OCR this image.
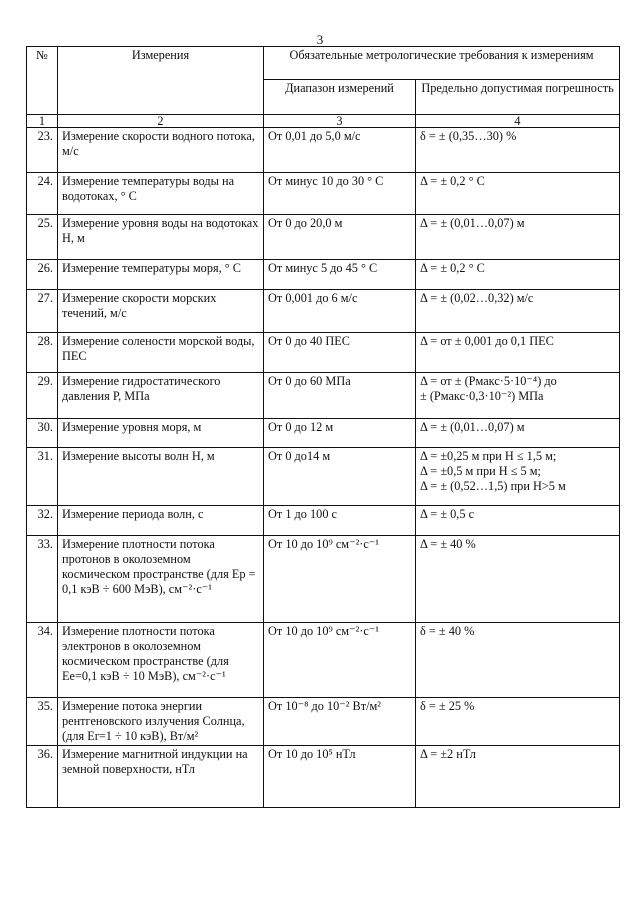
3
№	Измерения	Обязательные метрологические требования к измерениям	
		Диапазон измерений	Предельно допустимая погрешность
1	2	3	4
23.	Измерение скорости водного потока, м/с	От 0,01 до 5,0 м/с	δ = ± (0,35…30) %

24.	Измерение температуры воды на водотоках, ° С	От минус 10 до 30 ° С	Δ = ± 0,2 ° С

25.	Измерение уровня воды на водотоках H, м	От 0 до 20,0 м	Δ = ± (0,01…0,07) м

26.	Измерение температуры моря, ° С	От минус 5 до 45 ° С	Δ = ± 0,2 ° С

27.	Измерение скорости морских течений, м/с	От 0,001 до 6 м/с	Δ = ± (0,02…0,32) м/с

28.	Измерение солености морской воды, ПЕС	От 0 до 40 ПЕС	Δ = от ± 0,001 до 0,1 ПЕС

29.	Измерение гидростатического давления Р, МПа	От 0 до 60 МПа	Δ = от ± (Рмакс·5·10⁻⁴) до
± (Рмакс·0,3·10⁻²) МПа

30.	Измерение уровня моря, м	От 0 до 12 м	Δ = ± (0,01…0,07) м

31.	Измерение высоты волн H, м	От 0 до14 м	Δ = ±0,25 м при H ≤ 1,5 м;
Δ = ±0,5 м при H ≤ 5 м;
Δ = ± (0,52…1,5) при H>5 м

32.	Измерение периода волн, с	От 1 до 100 с	Δ = ± 0,5 с

33.	Измерение плотности потока протонов в околоземном космическом пространстве (для Ep = 0,1 кэВ ÷ 600 МэВ), см⁻²·с⁻¹	От 10 до 10⁹ см⁻²·с⁻¹	Δ = ± 40 %

34.	Измерение плотности потока электронов в околоземном космическом пространстве (для Ee=0,1 кэВ ÷ 10 МэВ), см⁻²·с⁻¹	От 10 до 10⁹ см⁻²·с⁻¹	δ = ± 40 %

35.	Измерение потока энергии рентгеновского излучения Солнца, (для Er=1 ÷ 10 кэВ), Вт/м²	От 10⁻⁸ до 10⁻² Вт/м²	δ = ± 25 %

36.	Измерение магнитной индукции на земной поверхности, нТл	От 10 до 10⁵ нТл	Δ = ±2 нТл
